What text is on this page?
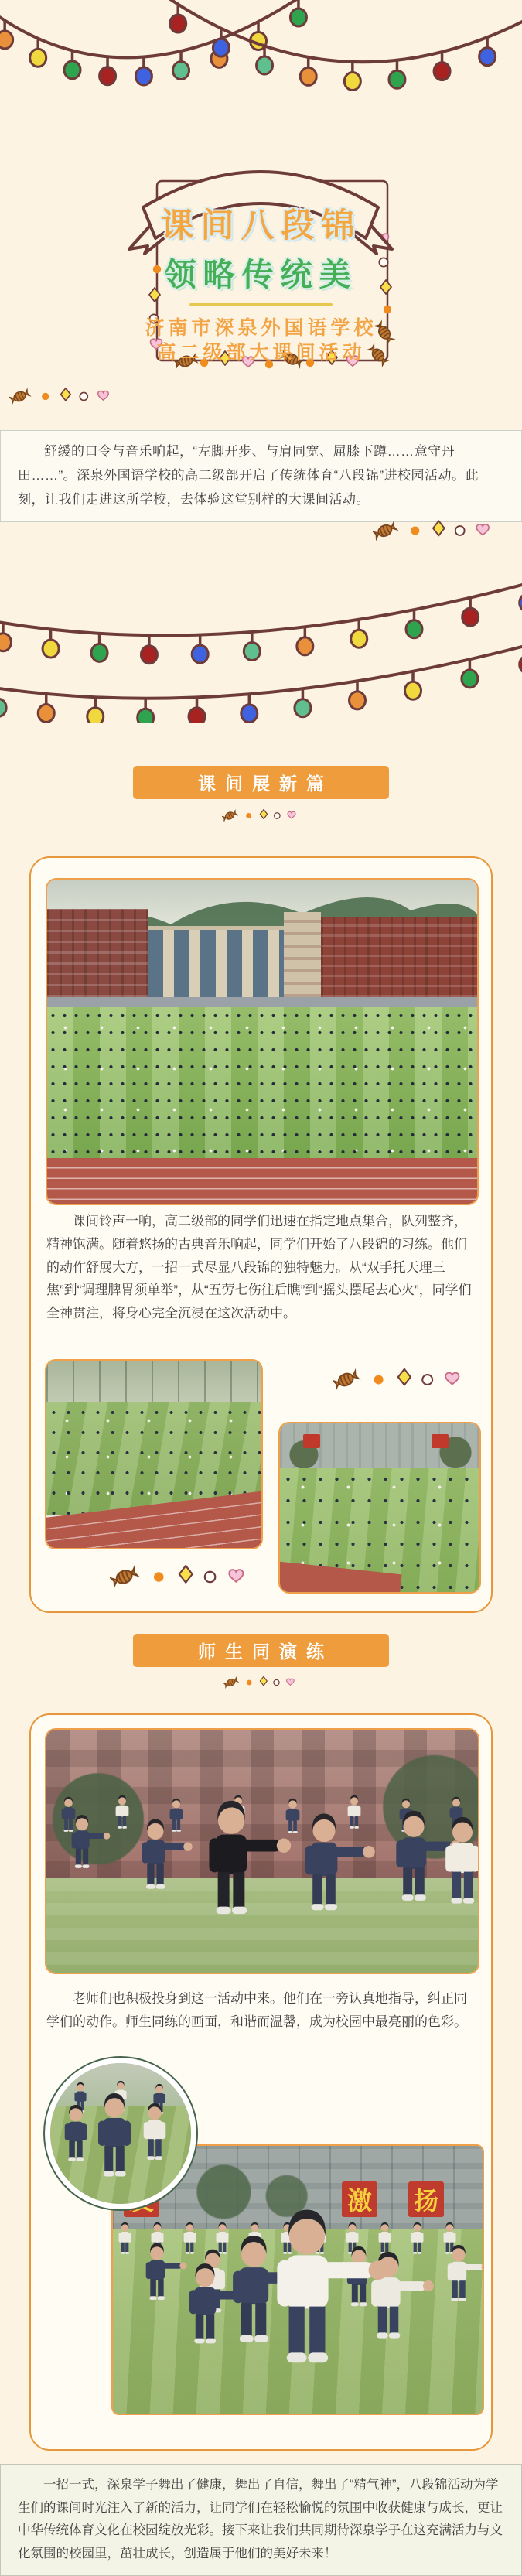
课间八段锦
领略传统美
济南市深泉外国语学校
高二级部大课间活动

舒缓的口令与音乐响起，“左脚开步、与肩同宽、屈膝下蹲……意守丹田……”。深泉外国语学校的高二级部开启了传统体育“八段锦”进校园活动。此刻，让我们走进这所学校，去体验这堂别样的大课间活动。

课间展新篇

课间铃声一响，高二级部的同学们迅速在指定地点集合，队列整齐，精神饱满。随着悠扬的古典音乐响起，同学们开始了八段锦的习练。他们的动作舒展大方，一招一式尽显八段锦的独特魅力。从“双手托天理三焦”到“调理脾胃须单举”，从“五劳七伤往后瞧”到“摇头摆尾去心火”，同学们全神贯注，将身心完全沉浸在这次活动中。

师生同演练

老师们也积极投身到这一活动中来。他们在一旁认真地指导，纠正同学们的动作。师生同练的画面，和谐而温馨，成为校园中最亮丽的色彩。

激 扬

一招一式，深泉学子舞出了健康，舞出了自信，舞出了“精气神”，八段锦活动为学生们的课间时光注入了新的活力，让同学们在轻松愉悦的氛围中收获健康与成长，更让中华传统体育文化在校园绽放光彩。接下来让我们共同期待深泉学子在这充满活力与文化氛围的校园里，茁壮成长，创造属于他们的美好未来！
